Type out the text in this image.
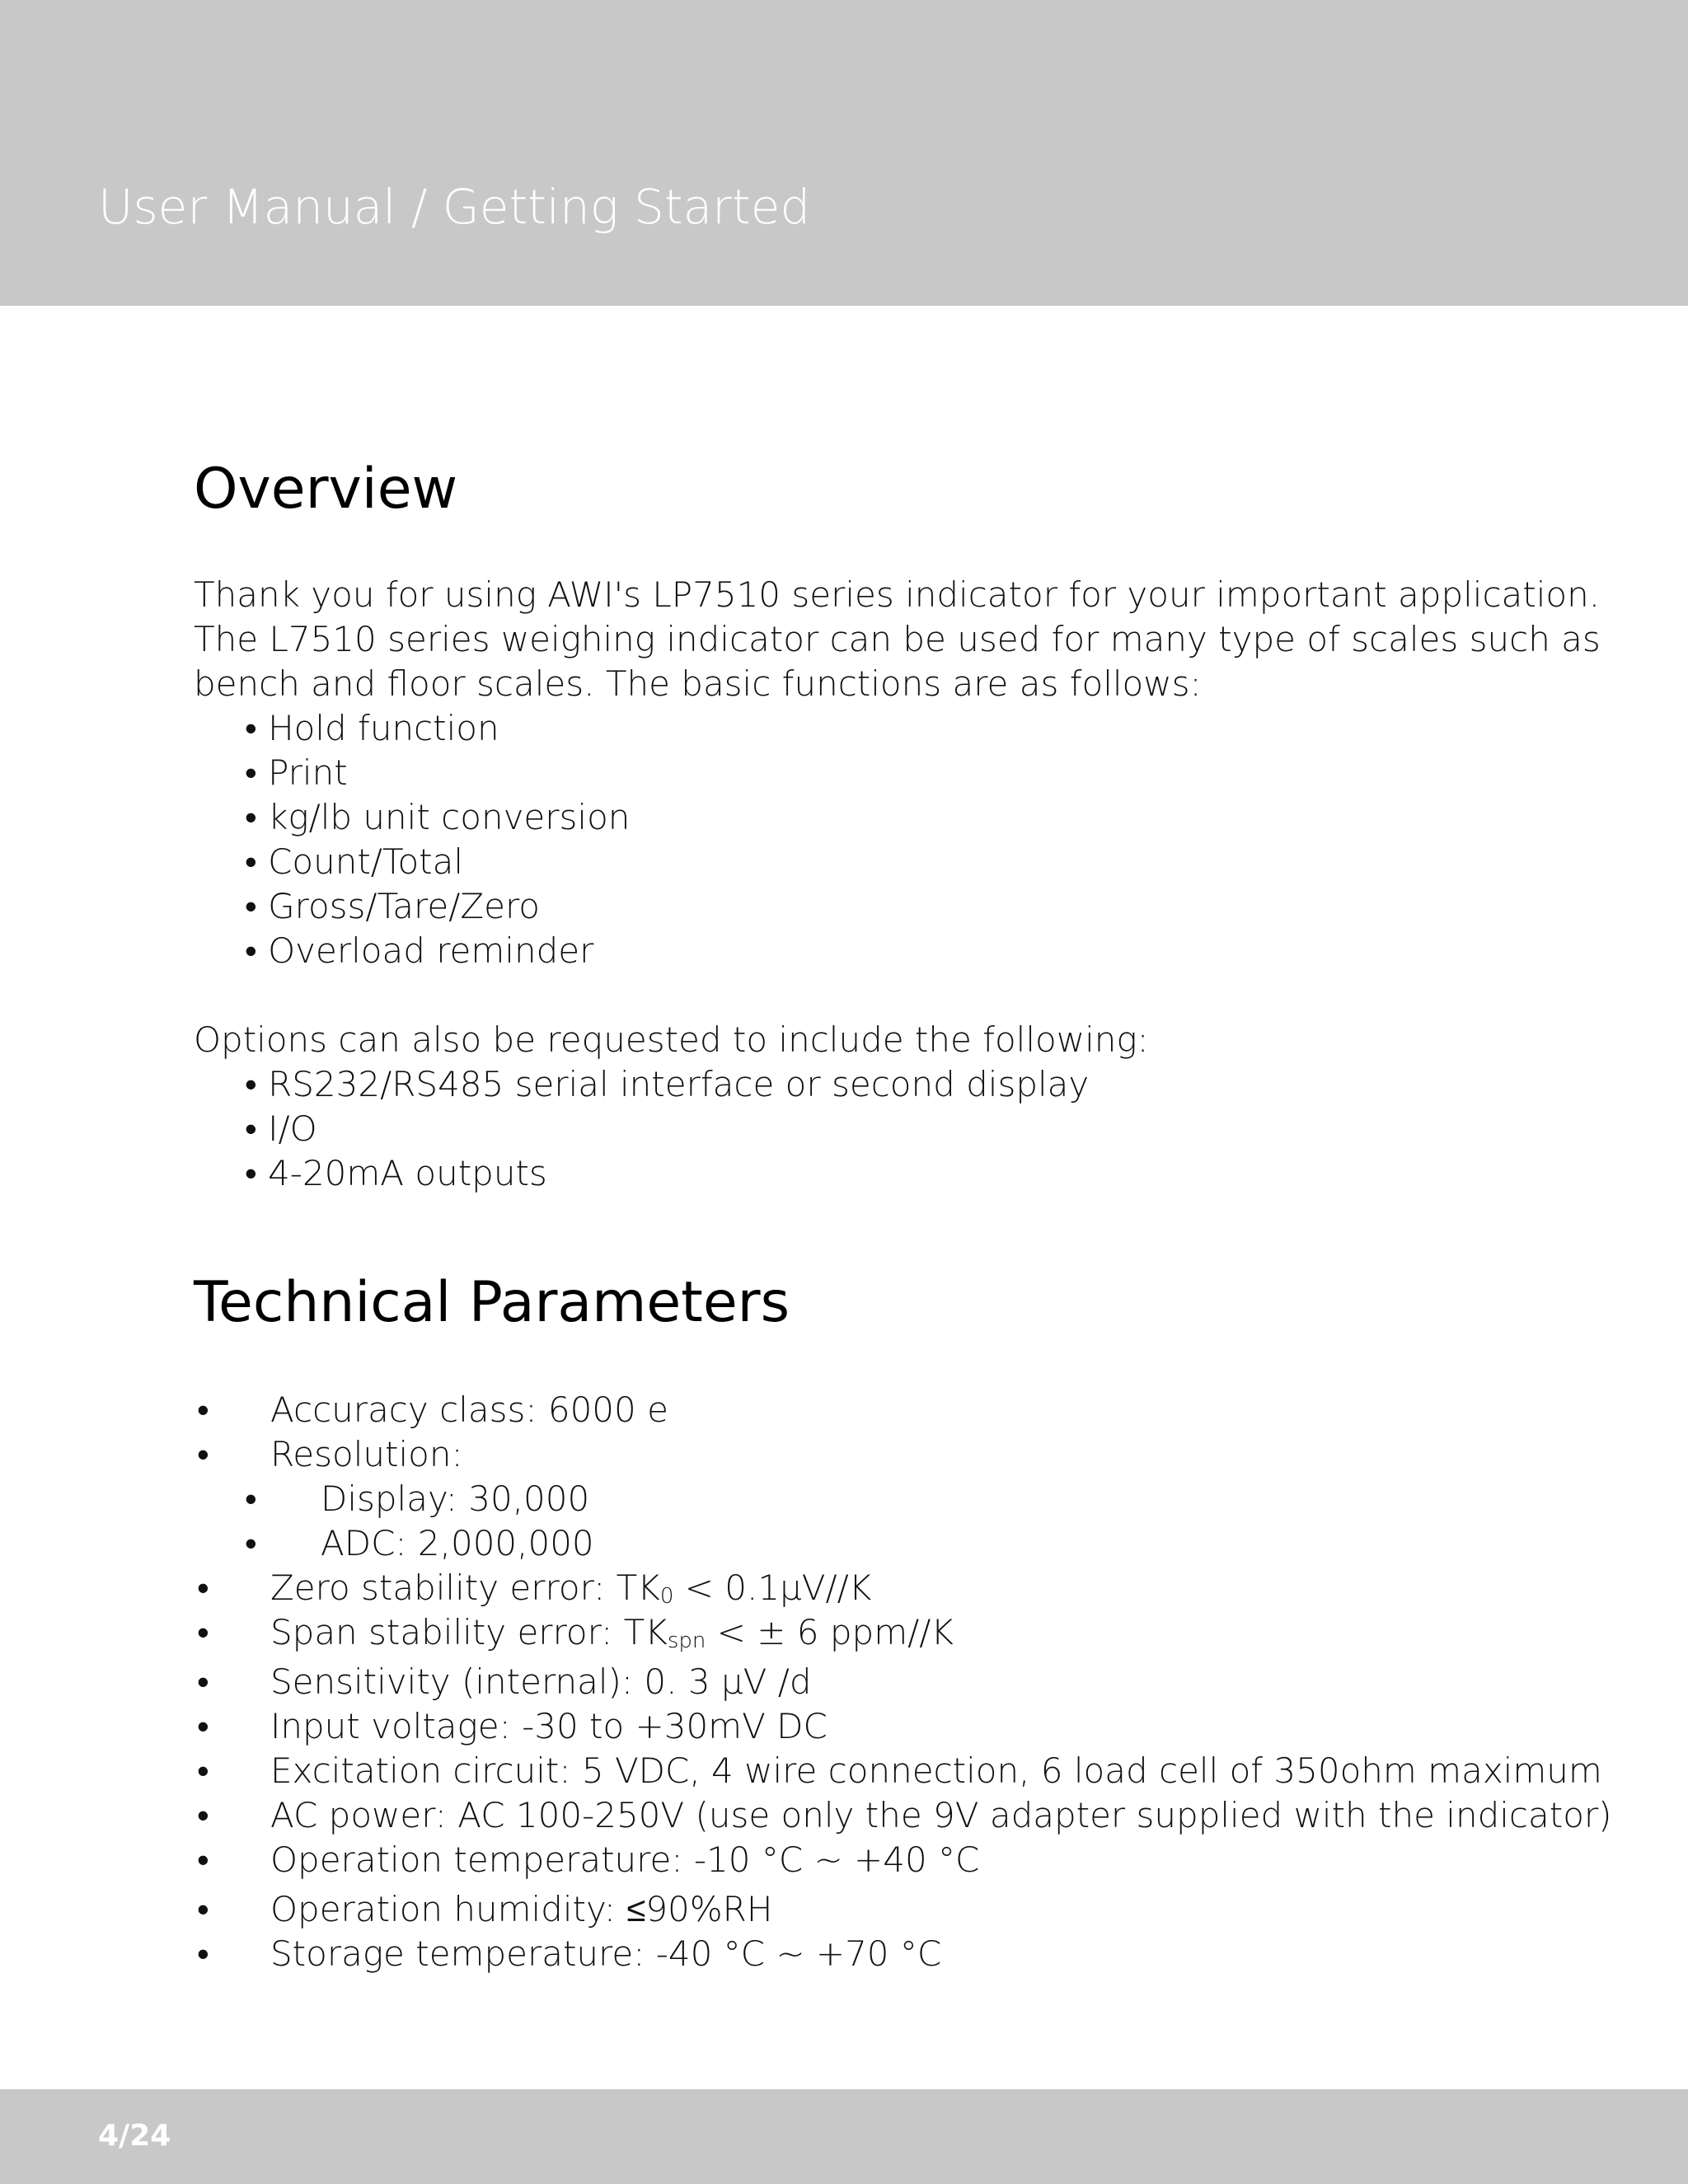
User Manual / Getting Started
Overview
Thank you for using AWI's LP7510 series indicator for your important application.
The L7510 series weighing indicator can be used for many type of scales such as
bench and floor scales. The basic functions are as follows:
• Hold function
• Print
• kg/lb unit conversion
• Count/Total
• Gross/Tare/Zero
• Overload reminder
Options can also be requested to include the following:
• RS232/RS485 serial interface or second display
• I/O
• 4-20mA outputs
Technical Parameters
• Accuracy class: 6000 e
• Resolution:
• Display: 30,000
• ADC: 2,000,000
• Zero stability error: $TK_0 < 0.1\mu V//K$
• Span stability error: $TK_{spn}$ < ± 6 ppm//K
• Sensitivity (internal): 0. 3 µV /d
• Input voltage: -30 to +30mV DC
• Excitation circuit: 5 VDC, 4 wire connection, 6 load cell of 350ohm maximum
• AC power: AC 100-250V (use only the 9V adapter supplied with the indicator)
• Operation temperature: -10 °C ~ +40 °C
• Operation humidity: ≤90%RH
• Storage temperature: -40 °C ~ +70 °C
4/24
